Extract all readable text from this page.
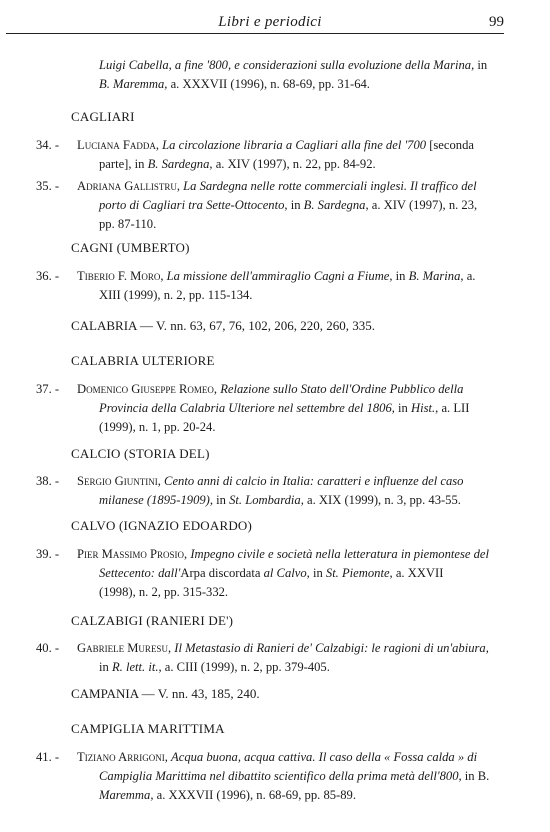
Libri e periodici	99
Luigi Cabella, a fine '800, e considerazioni sulla evoluzione della Marina, in
B. Maremma, a. XXXVII (1996), n. 68-69, pp. 31-64.
CAGLIARI
34. - Luciana Fadda, La circolazione libraria a Cagliari alla fine del '700 [seconda
parte], in B. Sardegna, a. XIV (1997), n. 22, pp. 84-92.
35. - Adriana Gallistru, La Sardegna nelle rotte commerciali inglesi. Il traffico del
porto di Cagliari tra Sette-Ottocento, in B. Sardegna, a. XIV (1997), n. 23,
pp. 87-110.
CAGNI (UMBERTO)
36. - Tiberio F. Moro, La missione dell'ammiraglio Cagni a Fiume, in B. Marina, a.
XIII (1999), n. 2, pp. 115-134.
CALABRIA — V. nn. 63, 67, 76, 102, 206, 220, 260, 335.
CALABRIA ULTERIORE
37. - Domenico Giuseppe Romeo, Relazione sullo Stato dell'Ordine Pubblico della
Provincia della Calabria Ulteriore nel settembre del 1806, in Hist., a. LII
(1999), n. 1, pp. 20-24.
CALCIO (STORIA DEL)
38. - Sergio Giuntini, Cento anni di calcio in Italia: caratteri e influenze del caso
milanese (1895-1909), in St. Lombardia, a. XIX (1999), n. 3, pp. 43-55.
CALVO (IGNAZIO EDOARDO)
39. - Pier Massimo Prosio, Impegno civile e società nella letteratura in piemontese del
Settecento: dall'Arpa discordata al Calvo, in St. Piemonte, a. XXVII
(1998), n. 2, pp. 315-332.
CALZABIGI (RANIERI DE')
40. - Gabriele Muresu, Il Metastasio di Ranieri de' Calzabigi: le ragioni di un'abiura,
in R. lett. it., a. CIII (1999), n. 2, pp. 379-405.
CAMPANIA — V. nn. 43, 185, 240.
CAMPIGLIA MARITTIMA
41. - Tiziano Arrigoni, Acqua buona, acqua cattiva. Il caso della « Fossa calda » di
Campiglia Marittima nel dibattito scientifico della prima metà dell'800, in B.
Maremma, a. XXXVII (1996), n. 68-69, pp. 85-89.
